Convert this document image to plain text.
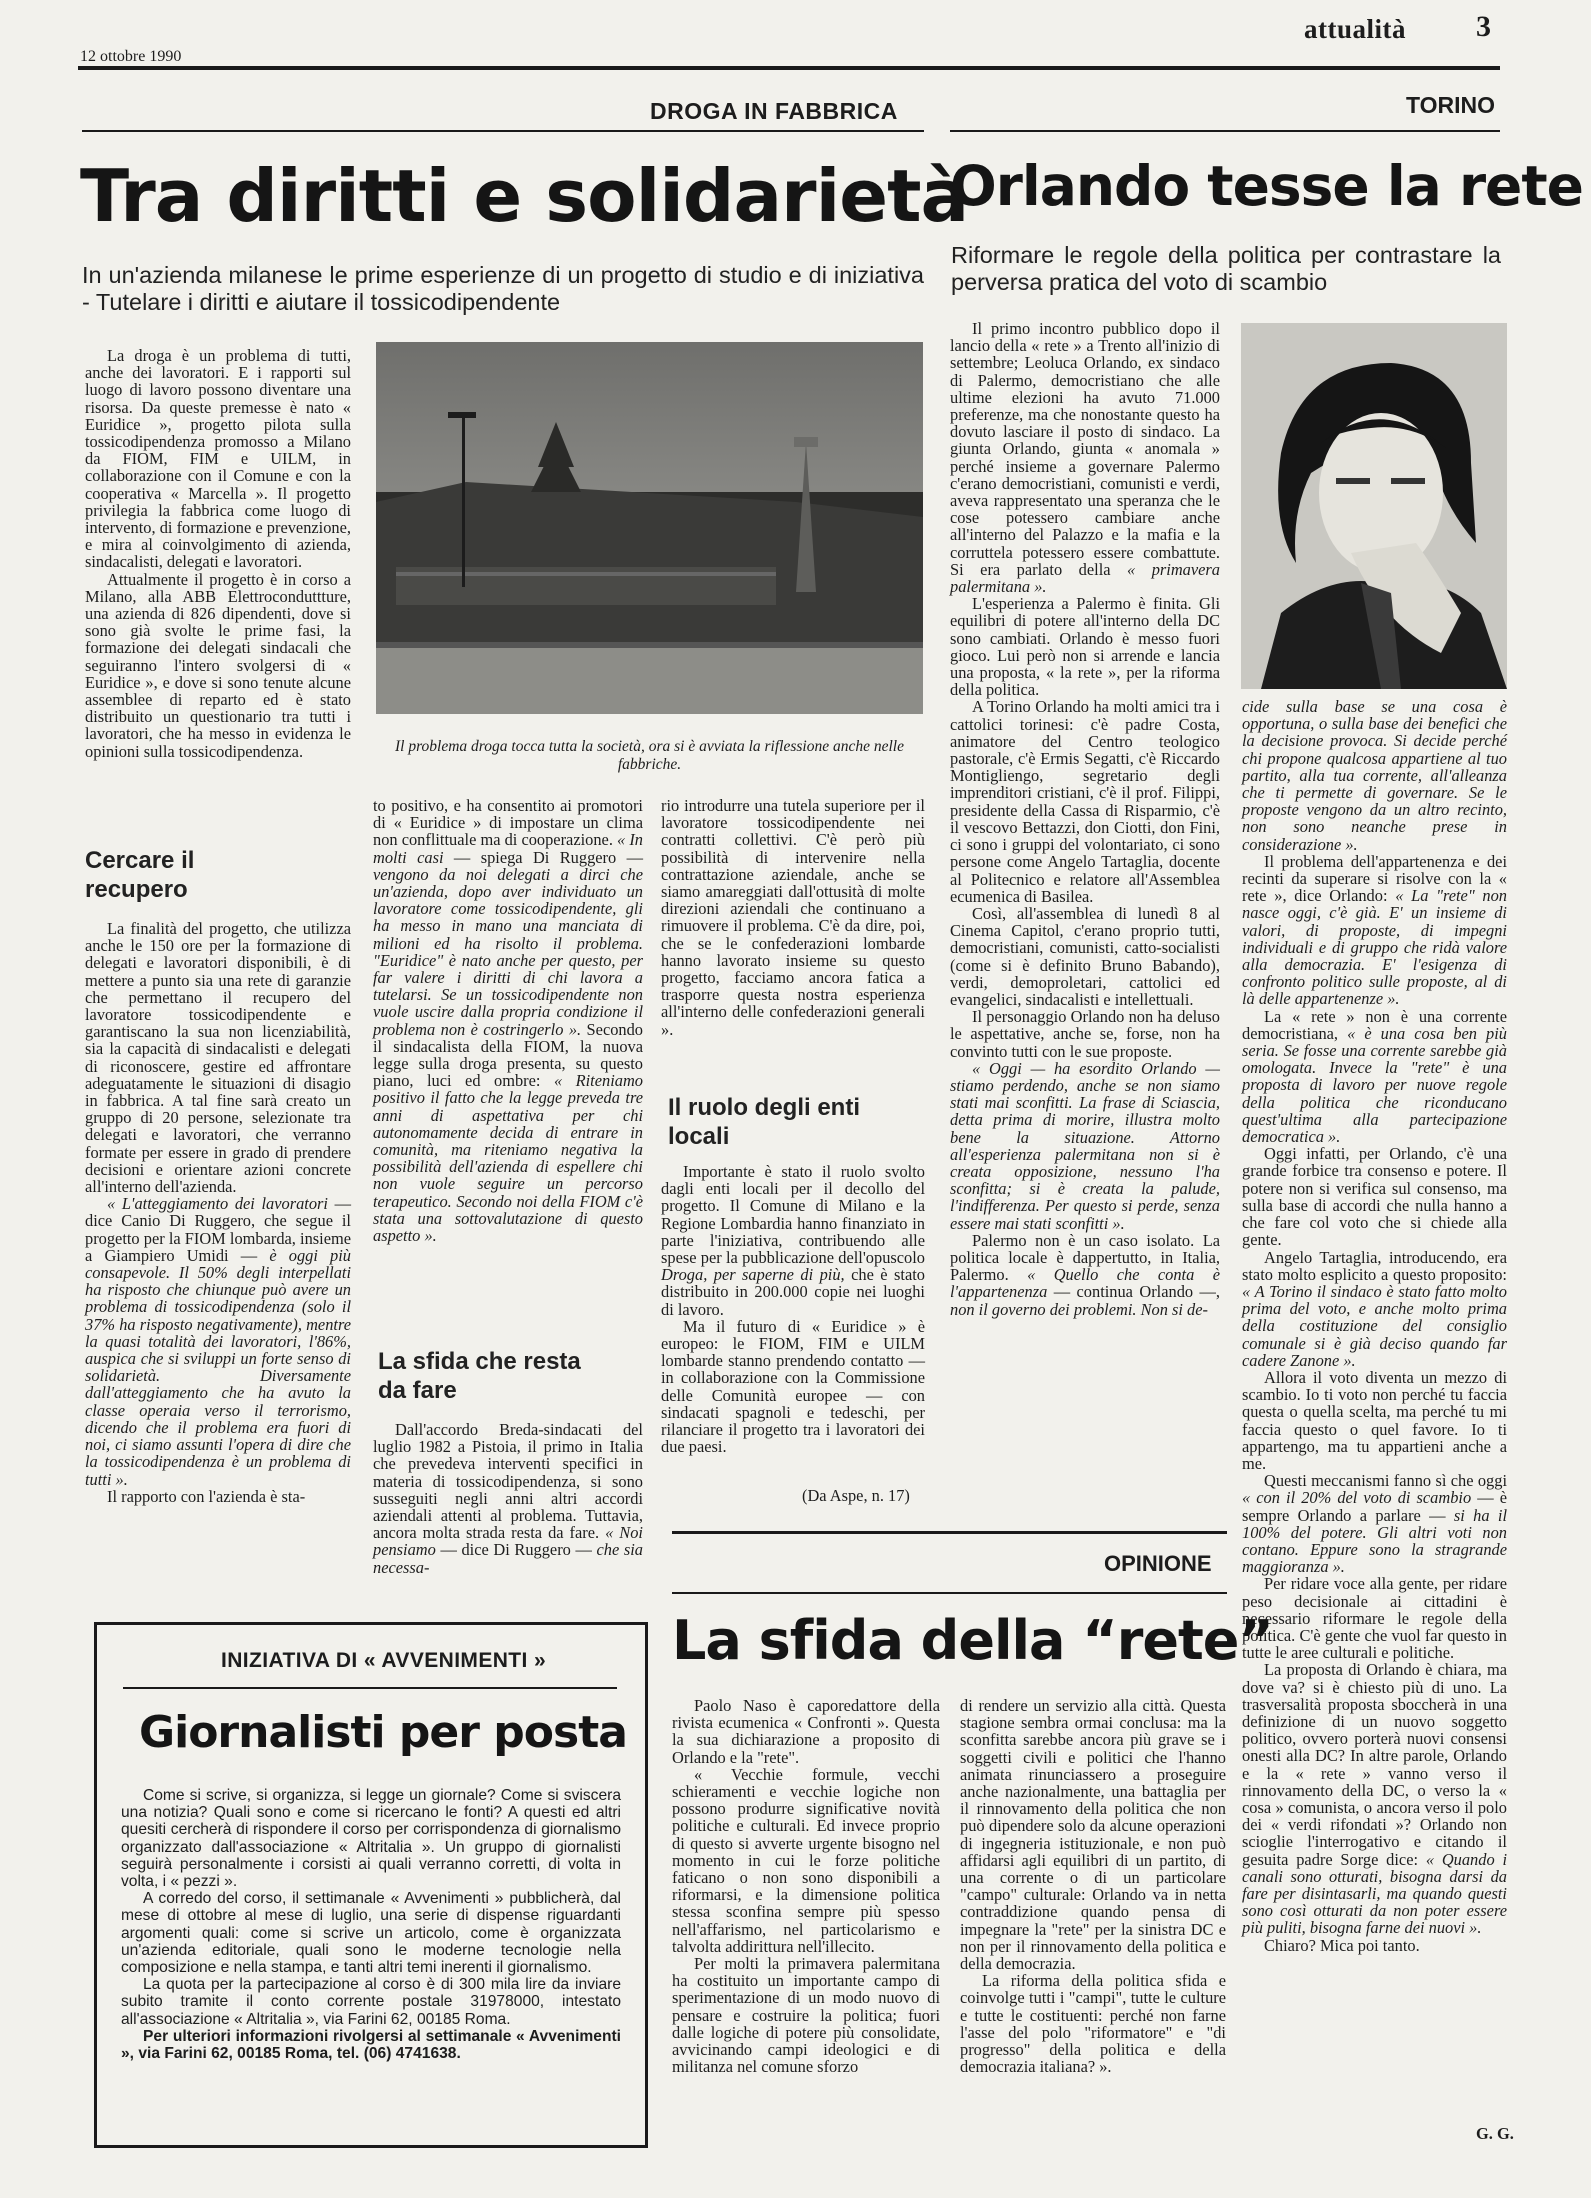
12 ottobre 1990
attualità 3
DROGA IN FABBRICA
Tra diritti e solidarietà
In un'azienda milanese le prime esperienze di un progetto di studio e di iniziativa - Tutelare i diritti e aiutare il tossicodipendente
Il problema droga tocca tutta la società, ora si è avviata la riflessione anche nelle fabbriche.

La droga è un problema di tutti, anche dei lavoratori. E i rapporti sul luogo di lavoro possono diventare una risorsa. Da queste premesse è nato « Euridice », progetto pilota sulla tossicodipendenza promosso a Milano da FIOM, FIM e UILM, in collaborazione con il Comune e con la cooperativa « Marcella ». Il progetto privilegia la fabbrica come luogo di intervento, di formazione e prevenzione, e mira al coinvolgimento di azienda, sindacalisti, delegati e lavoratori.

Attualmente il progetto è in corso a Milano, alla ABB Elettroconduttture, una azienda di 826 dipendenti, dove si sono già svolte le prime fasi, la formazione dei delegati sindacali che seguiranno l'intero svolgersi di « Euridice », e dove si sono tenute alcune assemblee di reparto ed è stato distribuito un questionario tra tutti i lavoratori, che ha messo in evidenza le opinioni sulla tossicodipendenza.

Cercare il recupero

La finalità del progetto, che utilizza anche le 150 ore per la formazione di delegati e lavoratori disponibili, è di mettere a punto sia una rete di garanzie che permettano il recupero del lavoratore tossicodipendente e garantiscano la sua non licenziabilità, sia la capacità di sindacalisti e delegati di riconoscere, gestire ed affrontare adeguatamente le situazioni di disagio in fabbrica. A tal fine sarà creato un gruppo di 20 persone, selezionate tra delegati e lavoratori, che verranno formate per essere in grado di prendere decisioni e orientare azioni concrete all'interno dell'azienda.

« L'atteggiamento dei lavoratori — dice Canio Di Ruggero, che segue il progetto per la FIOM lombarda, insieme a Giampiero Umidi — è oggi più consapevole. Il 50% degli interpellati ha risposto che chiunque può avere un problema di tossicodipendenza (solo il 37% ha risposto negativamente), mentre la quasi totalità dei lavoratori, l'86%, auspica che si sviluppi un forte senso di solidarietà. Diversamente dall'atteggiamento che ha avuto la classe operaia verso il terrorismo, dicendo che il problema era fuori di noi, ci siamo assunti l'opera di dire che la tossicodipendenza è un problema di tutti ».

Il rapporto con l'azienda è sta-

to positivo, e ha consentito ai promotori di « Euridice » di impostare un clima non conflittuale ma di cooperazione. « In molti casi — spiega Di Ruggero — vengono da noi delegati a dirci che un'azienda, dopo aver individuato un lavoratore come tossicodipendente, gli ha messo in mano una manciata di milioni ed ha risolto il problema. "Euridice" è nato anche per questo, per far valere i diritti di chi lavora a tutelarsi. Se un tossicodipendente non vuole uscire dalla propria condizione il problema non è costringerlo ». Secondo il sindacalista della FIOM, la nuova legge sulla droga presenta, su questo piano, luci ed ombre: « Riteniamo positivo il fatto che la legge preveda tre anni di aspettativa per chi autonomamente decida di entrare in comunità, ma riteniamo negativa la possibilità dell'azienda di espellere chi non vuole seguire un percorso terapeutico. Secondo noi della FIOM c'è stata una sottovalutazione di questo aspetto ».

La sfida che resta da fare

Dall'accordo Breda-sindacati del luglio 1982 a Pistoia, il primo in Italia che prevedeva interventi specifici in materia di tossicodipendenza, si sono susseguiti negli anni altri accordi aziendali attenti al problema. Tuttavia, ancora molta strada resta da fare. « Noi pensiamo — dice Di Ruggero — che sia necessa-

rio introdurre una tutela superiore per il lavoratore tossicodipendente nei contratti collettivi. C'è però più possibilità di intervenire nella contrattazione aziendale, anche se siamo amareggiati dall'ottusità di molte direzioni aziendali che continuano a rimuovere il problema. C'è da dire, poi, che se le confederazioni lombarde hanno lavorato insieme su questo progetto, facciamo ancora fatica a trasporre questa nostra esperienza all'interno delle confederazioni generali ».

Il ruolo degli enti locali

Importante è stato il ruolo svolto dagli enti locali per il decollo del progetto. Il Comune di Milano e la Regione Lombardia hanno finanziato in parte l'iniziativa, contribuendo alle spese per la pubblicazione dell'opuscolo Droga, per saperne di più, che è stato distribuito in 200.000 copie nei luoghi di lavoro.

Ma il futuro di « Euridice » è europeo: le FIOM, FIM e UILM lombarde stanno prendendo contatto — in collaborazione con la Commissione delle Comunità europee — con sindacati spagnoli e tedeschi, per rilanciare il progetto tra i lavoratori dei due paesi.

(Da Aspe, n. 17)
TORINO
Orlando tesse la rete
Riformare le regole della politica per contrastare la perversa pratica del voto di scambio

Il primo incontro pubblico dopo il lancio della « rete » a Trento all'inizio di settembre; Leoluca Orlando, ex sindaco di Palermo, democristiano che alle ultime elezioni ha avuto 71.000 preferenze, ma che nonostante questo ha dovuto lasciare il posto di sindaco. La giunta Orlando, giunta « anomala » perché insieme a governare Palermo c'erano democristiani, comunisti e verdi, aveva rappresentato una speranza che le cose potessero cambiare anche all'interno del Palazzo e la mafia e la corruttela potessero essere combattute. Si era parlato della « primavera palermitana ».

L'esperienza a Palermo è finita. Gli equilibri di potere all'interno della DC sono cambiati. Orlando è messo fuori gioco. Lui però non si arrende e lancia una proposta, « la rete », per la riforma della politica.

A Torino Orlando ha molti amici tra i cattolici torinesi: c'è padre Costa, animatore del Centro teologico pastorale, c'è Ermis Segatti, c'è Riccardo Montigliengo, segretario degli imprenditori cristiani, c'è il prof. Filippi, presidente della Cassa di Risparmio, c'è il vescovo Bettazzi, don Ciotti, don Fini, ci sono i gruppi del volontariato, ci sono persone come Angelo Tartaglia, docente al Politecnico e relatore all'Assemblea ecumenica di Basilea.

Così, all'assemblea di lunedì 8 al Cinema Capitol, c'erano proprio tutti, democristiani, comunisti, catto-socialisti (come si è definito Bruno Babando), verdi, demoproletari, cattolici ed evangelici, sindacalisti e intellettuali.

Il personaggio Orlando non ha deluso le aspettative, anche se, forse, non ha convinto tutti con le sue proposte.

« Oggi — ha esordito Orlando — stiamo perdendo, anche se non siamo stati mai sconfitti. La frase di Sciascia, detta prima di morire, illustra molto bene la situazione. Attorno all'esperienza palermitana non si è creata opposizione, nessuno l'ha sconfitta; si è creata la palude, l'indifferenza. Per questo si perde, senza essere mai stati sconfitti ».

Palermo non è un caso isolato. La politica locale è dappertutto, in Italia, Palermo. « Quello che conta è l'appartenenza — continua Orlando —, non il governo dei problemi. Non si de-

cide sulla base se una cosa è opportuna, o sulla base dei benefici che la decisione provoca. Si decide perché chi propone qualcosa appartiene al tuo partito, alla tua corrente, all'alleanza che ti permette di governare. Se le proposte vengono da un altro recinto, non sono neanche prese in considerazione ».

Il problema dell'appartenenza e dei recinti da superare si risolve con la « rete », dice Orlando: « La "rete" non nasce oggi, c'è già. E' un insieme di valori, di proposte, di impegni individuali e di gruppo che ridà valore alla democrazia. E' l'esigenza di confronto politico sulle proposte, al di là delle appartenenze ».

La « rete » non è una corrente democristiana, « è una cosa ben più seria. Se fosse una corrente sarebbe già omologata. Invece la "rete" è una proposta di lavoro per nuove regole della politica che riconducano quest'ultima alla partecipazione democratica ».

Oggi infatti, per Orlando, c'è una grande forbice tra consenso e potere. Il potere non si verifica sul consenso, ma sulla base di accordi che nulla hanno a che fare col voto che si chiede alla gente.

Angelo Tartaglia, introducendo, era stato molto esplicito a questo proposito: « A Torino il sindaco è stato fatto molto prima del voto, e anche molto prima della costituzione del consiglio comunale si è già deciso quando far cadere Zanone ».

Allora il voto diventa un mezzo di scambio. Io ti voto non perché tu faccia questa o quella scelta, ma perché tu mi faccia questo o quel favore. Io ti appartengo, ma tu appartieni anche a me.

Questi meccanismi fanno sì che oggi « con il 20% del voto di scambio — è sempre Orlando a parlare — si ha il 100% del potere. Gli altri voti non contano. Eppure sono la stragrande maggioranza ».

Per ridare voce alla gente, per ridare peso decisionale ai cittadini è necessario riformare le regole della politica. C'è gente che vuol far questo in tutte le aree culturali e politiche.

La proposta di Orlando è chiara, ma dove va? si è chiesto più di uno. La trasversalità proposta sboccherà in una definizione di un nuovo soggetto politico, ovvero porterà nuovi consensi onesti alla DC? In altre parole, Orlando e la « rete » vanno verso il rinnovamento della DC, o verso la « cosa » comunista, o ancora verso il polo dei « verdi rifondati »? Orlando non scioglie l'interrogativo e citando il gesuita padre Sorge dice: « Quando i canali sono otturati, bisogna darsi da fare per disintasarli, ma quando questi sono così otturati da non poter essere più puliti, bisogna farne dei nuovi ».

Chiaro? Mica poi tanto.

G. G.
OPINIONE
La sfida della “rete”

Paolo Naso è caporedattore della rivista ecumenica « Confronti ». Questa la sua dichiarazione a proposito di Orlando e la "rete".

« Vecchie formule, vecchi schieramenti e vecchie logiche non possono produrre significative novità politiche e culturali. Ed invece proprio di questo si avverte urgente bisogno nel momento in cui le forze politiche faticano o non sono disponibili a riformarsi, e la dimensione politica stessa sconfina sempre più spesso nell'affarismo, nel particolarismo e talvolta addirittura nell'illecito.

Per molti la primavera palermitana ha costituito un importante campo di sperimentazione di un modo nuovo di pensare e costruire la politica; fuori dalle logiche di potere più consolidate, avvicinando campi ideologici e di militanza nel comune sforzo

di rendere un servizio alla città. Questa stagione sembra ormai conclusa: ma la sconfitta sarebbe ancora più grave se i soggetti civili e politici che l'hanno animata rinunciassero a proseguire anche nazionalmente, una battaglia per il rinnovamento della politica che non può dipendere solo da alcune operazioni di ingegneria istituzionale, e non può affidarsi agli equilibri di un partito, di una corrente o di un particolare "campo" culturale: Orlando va in netta contraddizione quando pensa di impegnare la "rete" per la sinistra DC e non per il rinnovamento della politica e della democrazia.

La riforma della politica sfida e coinvolge tutti i "campi", tutte le culture e tutte le costituenti: perché non farne l'asse del polo "riformatore" e "di progresso" della politica e della democrazia italiana? ».

INIZIATIVA DI « AVVENIMENTI »
Giornalisti per posta

Come si scrive, si organizza, si legge un giornale? Come si sviscera una notizia? Quali sono e come si ricercano le fonti? A questi ed altri quesiti cercherà di rispondere il corso per corrispondenza di giornalismo organizzato dall'associazione « Altritalia ». Un gruppo di giornalisti seguirà personalmente i corsisti ai quali verranno corretti, di volta in volta, i « pezzi ».

A corredo del corso, il settimanale « Avvenimenti » pubblicherà, dal mese di ottobre al mese di luglio, una serie di dispense riguardanti argomenti quali: come si scrive un articolo, come è organizzata un'azienda editoriale, quali sono le moderne tecnologie nella composizione e nella stampa, e tanti altri temi inerenti il giornalismo.

La quota per la partecipazione al corso è di 300 mila lire da inviare subito tramite il conto corrente postale 31978000, intestato all'associazione « Altritalia », via Farini 62, 00185 Roma.

Per ulteriori informazioni rivolgersi al settimanale « Avvenimenti », via Farini 62, 00185 Roma, tel. (06) 4741638.
